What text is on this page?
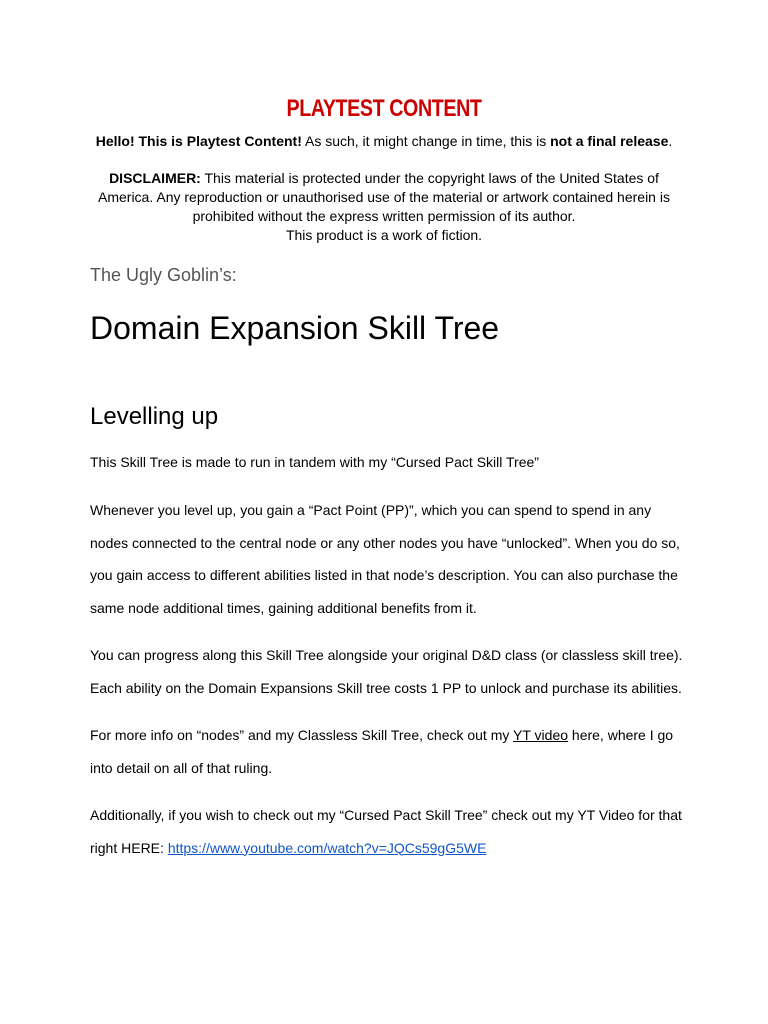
PLAYTEST CONTENT
Hello! This is Playtest Content! As such, it might change in time, this is not a final release.
DISCLAIMER: This material is protected under the copyright laws of the United States of America. Any reproduction or unauthorised use of the material or artwork contained herein is prohibited without the express written permission of its author.
This product is a work of fiction.
The Ugly Goblin’s:
Domain Expansion Skill Tree
Levelling up
This Skill Tree is made to run in tandem with my “Cursed Pact Skill Tree”
Whenever you level up, you gain a “Pact Point (PP)”, which you can spend to spend in any nodes connected to the central node or any other nodes you have “unlocked”. When you do so, you gain access to different abilities listed in that node’s description. You can also purchase the same node additional times, gaining additional benefits from it.
You can progress along this Skill Tree alongside your original D&D class (or classless skill tree). Each ability on the Domain Expansions Skill tree costs 1 PP to unlock and purchase its abilities.
For more info on “nodes” and my Classless Skill Tree, check out my YT video here, where I go into detail on all of that ruling.
Additionally, if you wish to check out my “Cursed Pact Skill Tree” check out my YT Video for that right HERE: https://www.youtube.com/watch?v=JQCs59gG5WE
